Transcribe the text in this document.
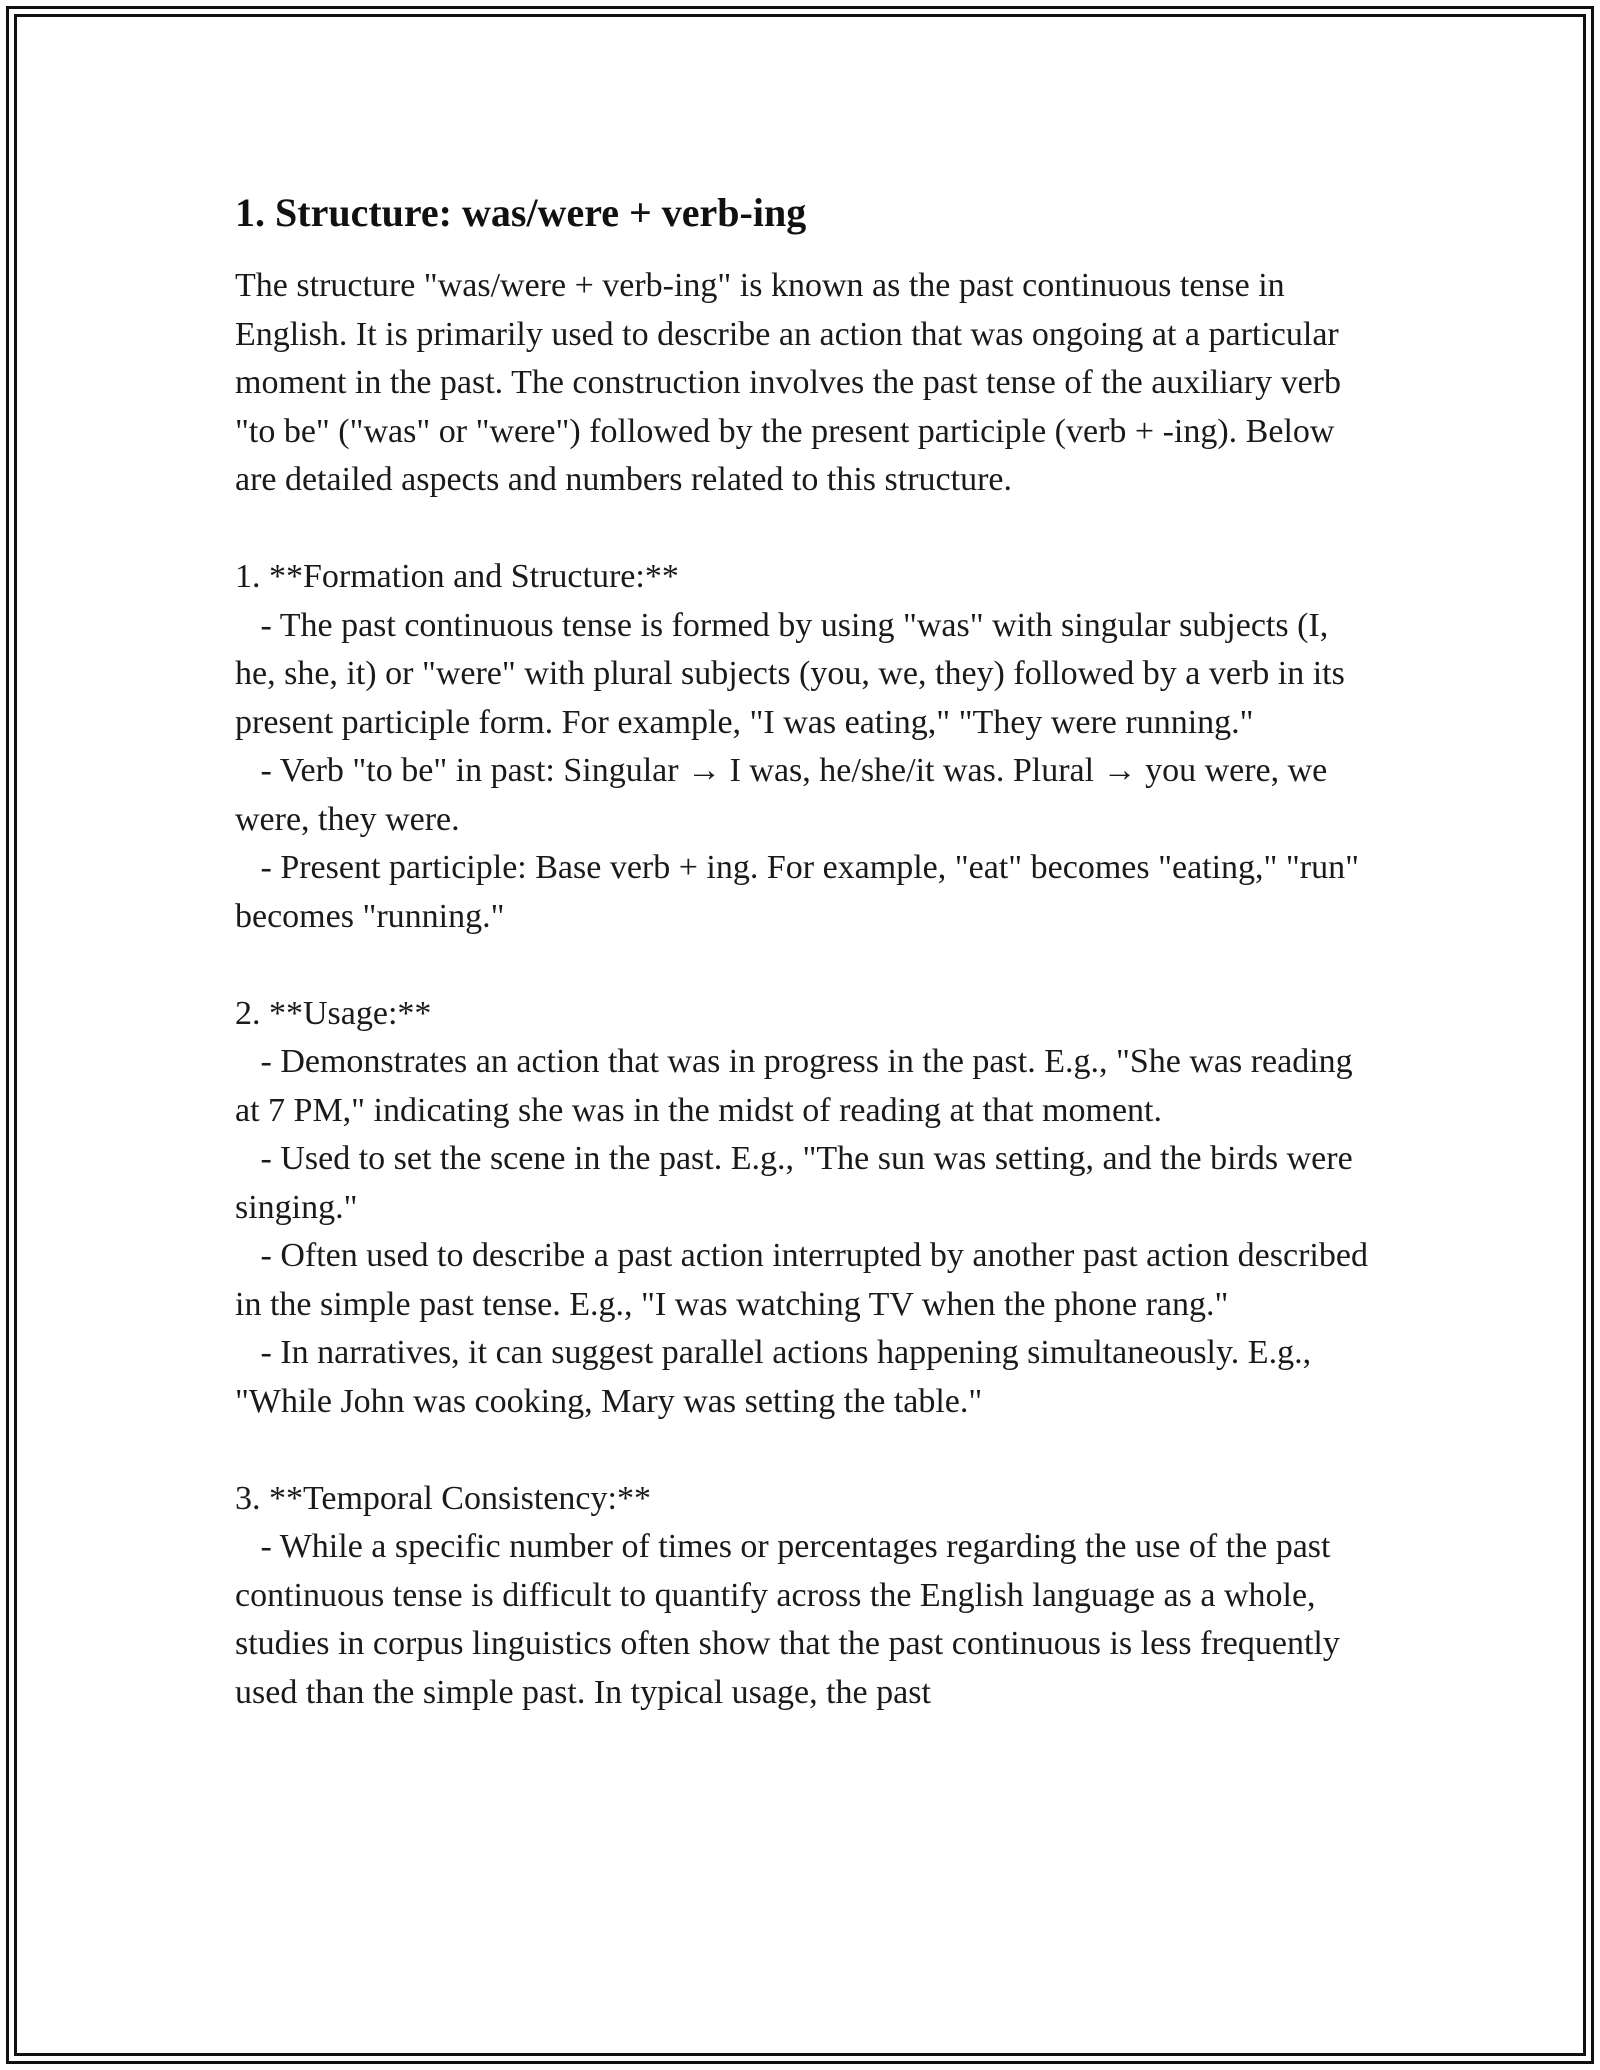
1. Structure: was/were + verb-ing

The structure "was/were + verb-ing" is known as the past continuous tense in English. It is primarily used to describe an action that was ongoing at a particular moment in the past. The construction involves the past tense of the auxiliary verb "to be" ("was" or "were") followed by the present participle (verb + -ing). Below are detailed aspects and numbers related to this structure.

1. **Formation and Structure:**
- The past continuous tense is formed by using "was" with singular subjects (I, he, she, it) or "were" with plural subjects (you, we, they) followed by a verb in its present participle form. For example, "I was eating," "They were running."
- Verb "to be" in past: Singular → I was, he/she/it was. Plural → you were, we were, they were.
- Present participle: Base verb + ing. For example, "eat" becomes "eating," "run" becomes "running."

2. **Usage:**
- Demonstrates an action that was in progress in the past. E.g., "She was reading at 7 PM," indicating she was in the midst of reading at that moment.
- Used to set the scene in the past. E.g., "The sun was setting, and the birds were singing."
- Often used to describe a past action interrupted by another past action described in the simple past tense. E.g., "I was watching TV when the phone rang."
- In narratives, it can suggest parallel actions happening simultaneously. E.g., "While John was cooking, Mary was setting the table."

3. **Temporal Consistency:**
- While a specific number of times or percentages regarding the use of the past continuous tense is difficult to quantify across the English language as a whole, studies in corpus linguistics often show that the past continuous is less frequently used than the simple past. In typical usage, the past
